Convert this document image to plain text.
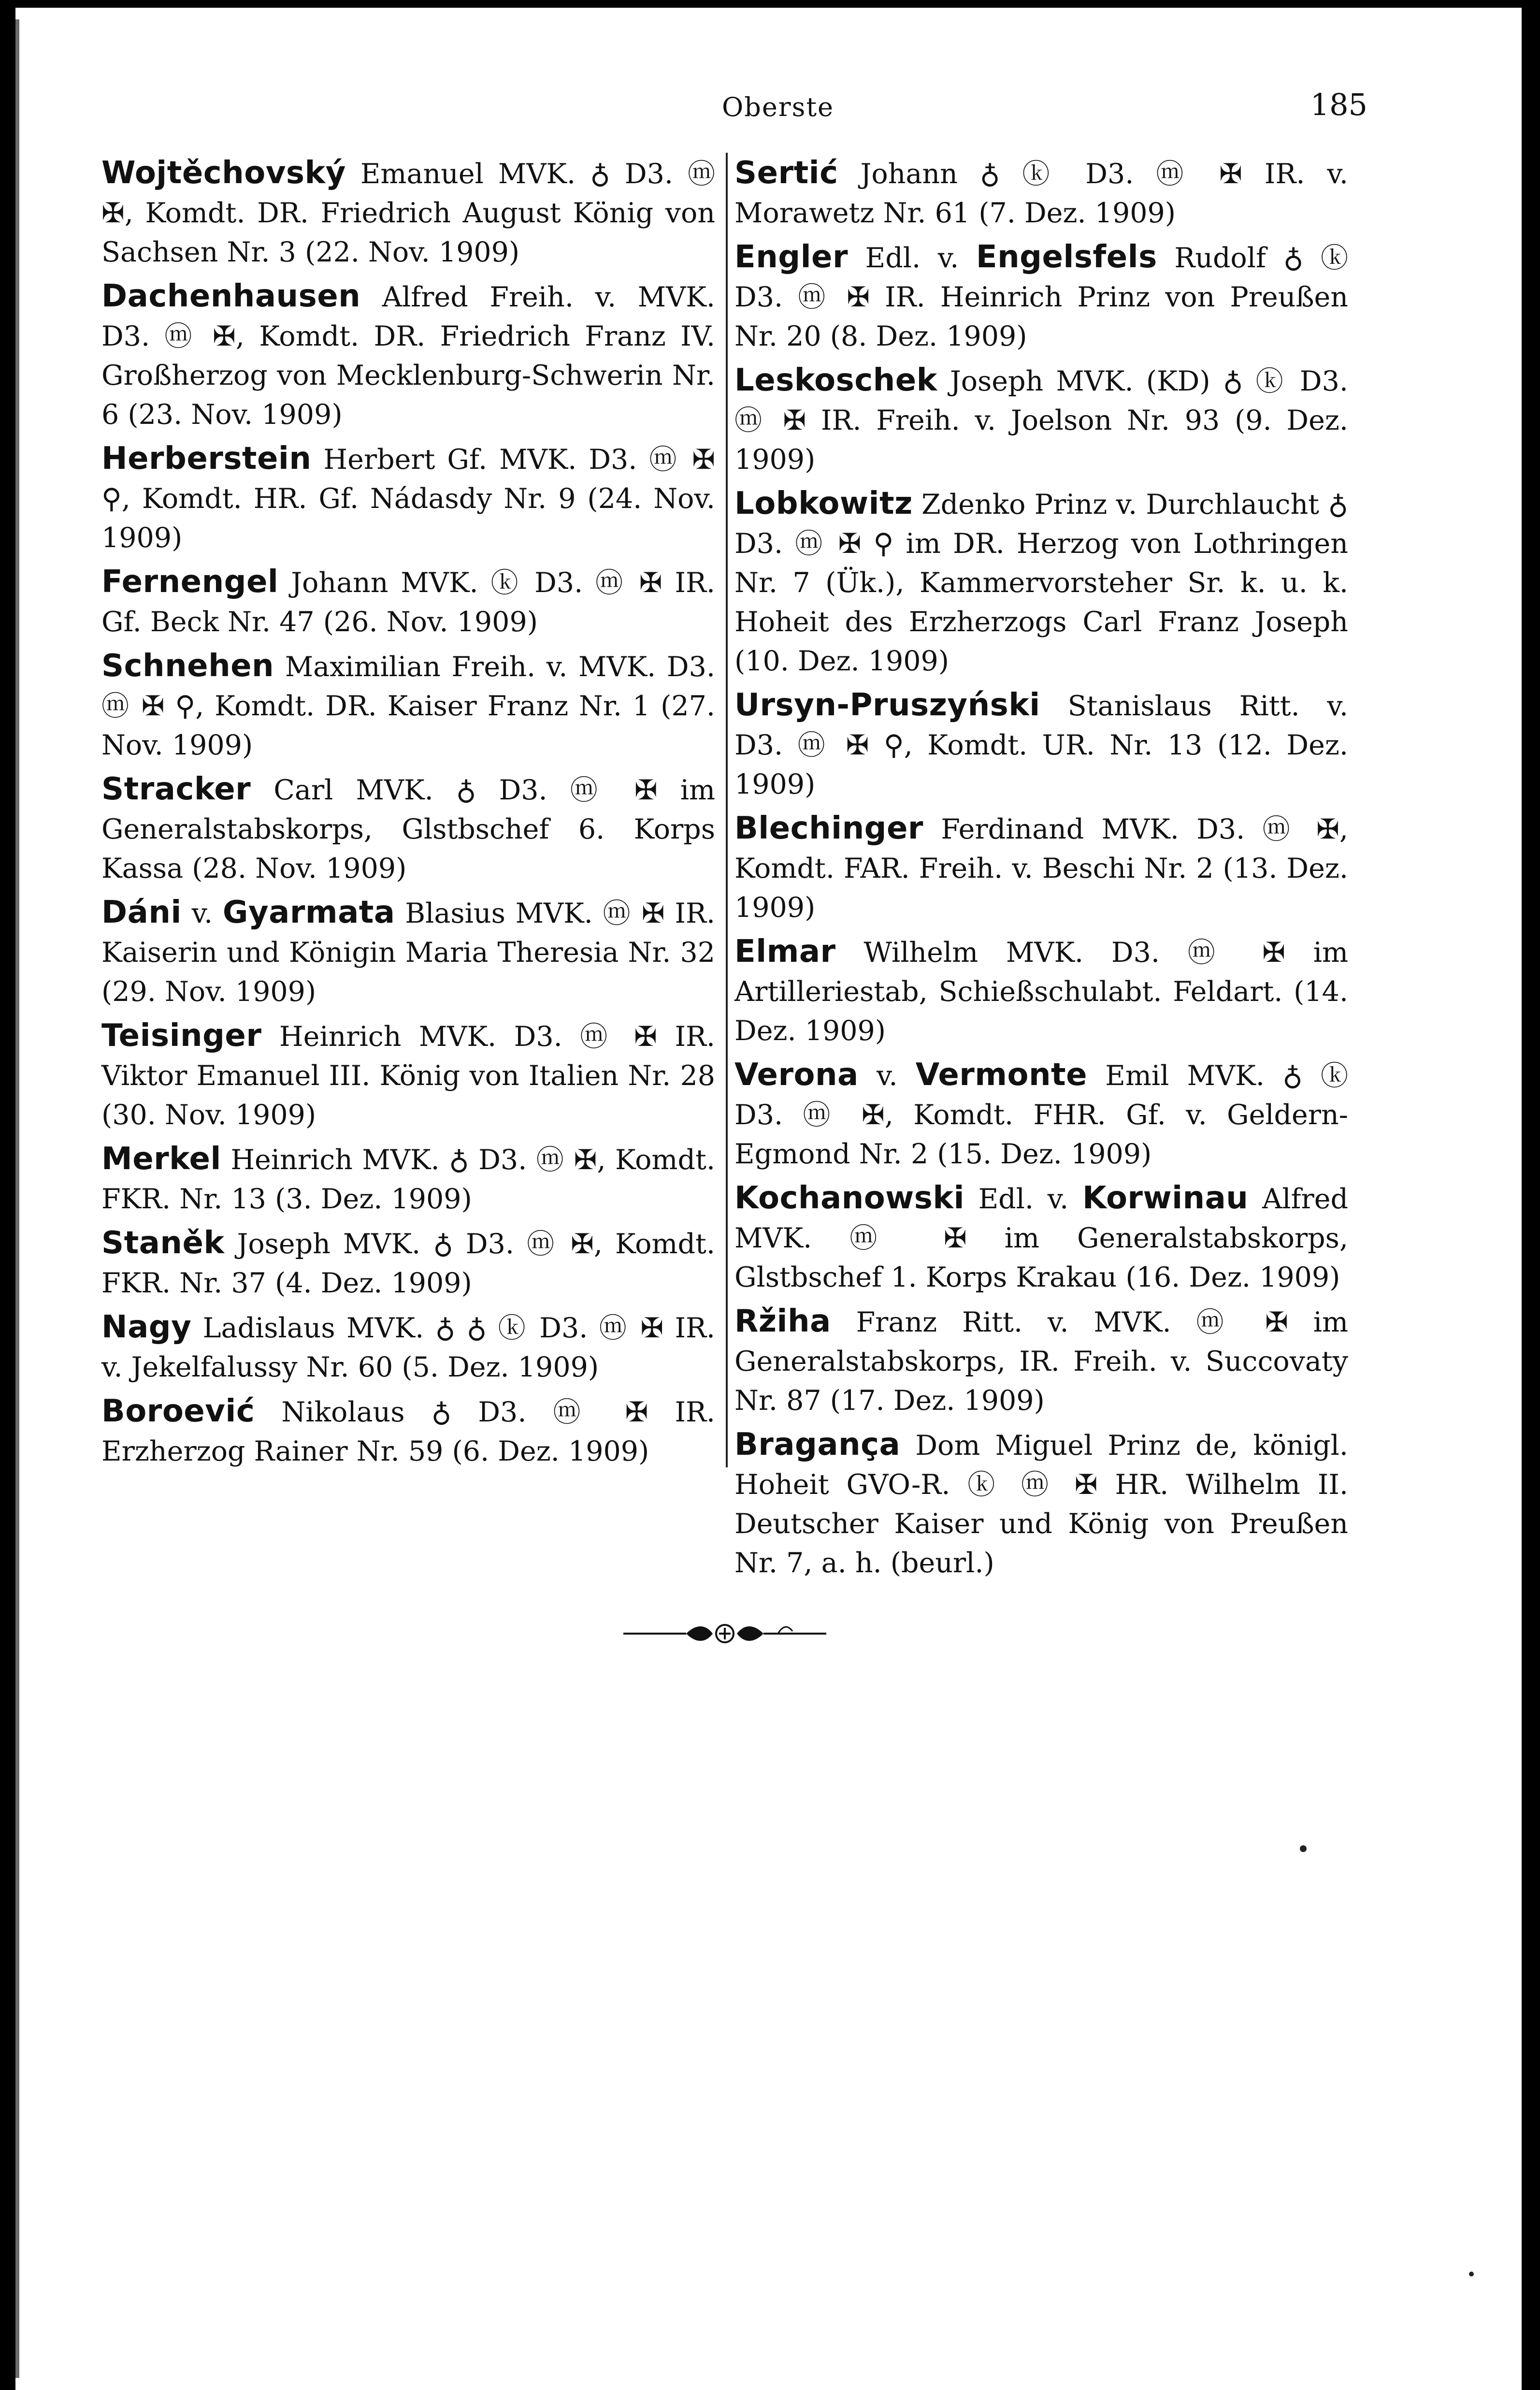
Oberste	185
Wojtěchovský Emanuel MVK. ♁ D3. ⓜ ✠, Komdt. DR. Friedrich August König von Sachsen Nr. 3 (22. Nov. 1909)
Dachenhausen Alfred Freih. v. MVK. D3. ⓜ ✠, Komdt. DR. Friedrich Franz IV. Großherzog von Mecklenburg-Schwerin Nr. 6 (23. Nov. 1909)
Herberstein Herbert Gf. MVK. D3. ⓜ ✠ ⚲, Komdt. HR. Gf. Nádasdy Nr. 9 (24. Nov. 1909)
Fernengel Johann MVK. ⓚ D3. ⓜ ✠ IR. Gf. Beck Nr. 47 (26. Nov. 1909)
Schnehen Maximilian Freih. v. MVK. D3. ⓜ ✠ ⚲, Komdt. DR. Kaiser Franz Nr. 1 (27. Nov. 1909)
Stracker Carl MVK. ♁ D3. ⓜ ✠ im Generalstabskorps, Glstbschef 6. Korps Kassa (28. Nov. 1909)
Dáni v. Gyarmata Blasius MVK. ⓜ ✠ IR. Kaiserin und Königin Maria Theresia Nr. 32 (29. Nov. 1909)
Teisinger Heinrich MVK. D3. ⓜ ✠ IR. Viktor Emanuel III. König von Italien Nr. 28 (30. Nov. 1909)
Merkel Heinrich MVK. ♁ D3. ⓜ ✠, Komdt. FKR. Nr. 13 (3. Dez. 1909)
Staněk Joseph MVK. ♁ D3. ⓜ ✠, Komdt. FKR. Nr. 37 (4. Dez. 1909)
Nagy Ladislaus MVK. ♁ ♁ ⓚ D3. ⓜ ✠ IR. v. Jekelfalussy Nr. 60 (5. Dez. 1909)
Boroević Nikolaus ♁ D3. ⓜ ✠ IR. Erzherzog Rainer Nr. 59 (6. Dez. 1909)
Sertić Johann ♁ ⓚ D3. ⓜ ✠ IR. v. Morawetz Nr. 61 (7. Dez. 1909)
Engler Edl. v. Engelsfels Rudolf ♁ ⓚ D3. ⓜ ✠ IR. Heinrich Prinz von Preußen Nr. 20 (8. Dez. 1909)
Leskoschek Joseph MVK. (KD) ♁ ⓚ D3. ⓜ ✠ IR. Freih. v. Joelson Nr. 93 (9. Dez. 1909)
Lobkowitz Zdenko Prinz v. Durchlaucht ♁ D3. ⓜ ✠ ⚲ im DR. Herzog von Lothringen Nr. 7 (Ük.), Kammervorsteher Sr. k. u. k. Hoheit des Erzherzogs Carl Franz Joseph (10. Dez. 1909)
Ursyn-Pruszyński Stanislaus Ritt. v. D3. ⓜ ✠ ⚲, Komdt. UR. Nr. 13 (12. Dez. 1909)
Blechinger Ferdinand MVK. D3. ⓜ ✠, Komdt. FAR. Freih. v. Beschi Nr. 2 (13. Dez. 1909)
Elmar Wilhelm MVK. D3. ⓜ ✠ im Artilleriestab, Schießschulabt. Feldart. (14. Dez. 1909)
Verona v. Vermonte Emil MVK. ♁ ⓚ D3. ⓜ ✠, Komdt. FHR. Gf. v. Geldern-Egmond Nr. 2 (15. Dez. 1909)
Kochanowski Edl. v. Korwinau Alfred MVK. ⓜ ✠ im Generalstabskorps, Glstbschef 1. Korps Krakau (16. Dez. 1909)
Ržiha Franz Ritt. v. MVK. ⓜ ✠ im Generalstabskorps, IR. Freih. v. Succovaty Nr. 87 (17. Dez. 1909)
Bragança Dom Miguel Prinz de, königl. Hoheit GVO-R. ⓚ ⓜ ✠ HR. Wilhelm II. Deutscher Kaiser und König von Preußen Nr. 7, a. h. (beurl.)
